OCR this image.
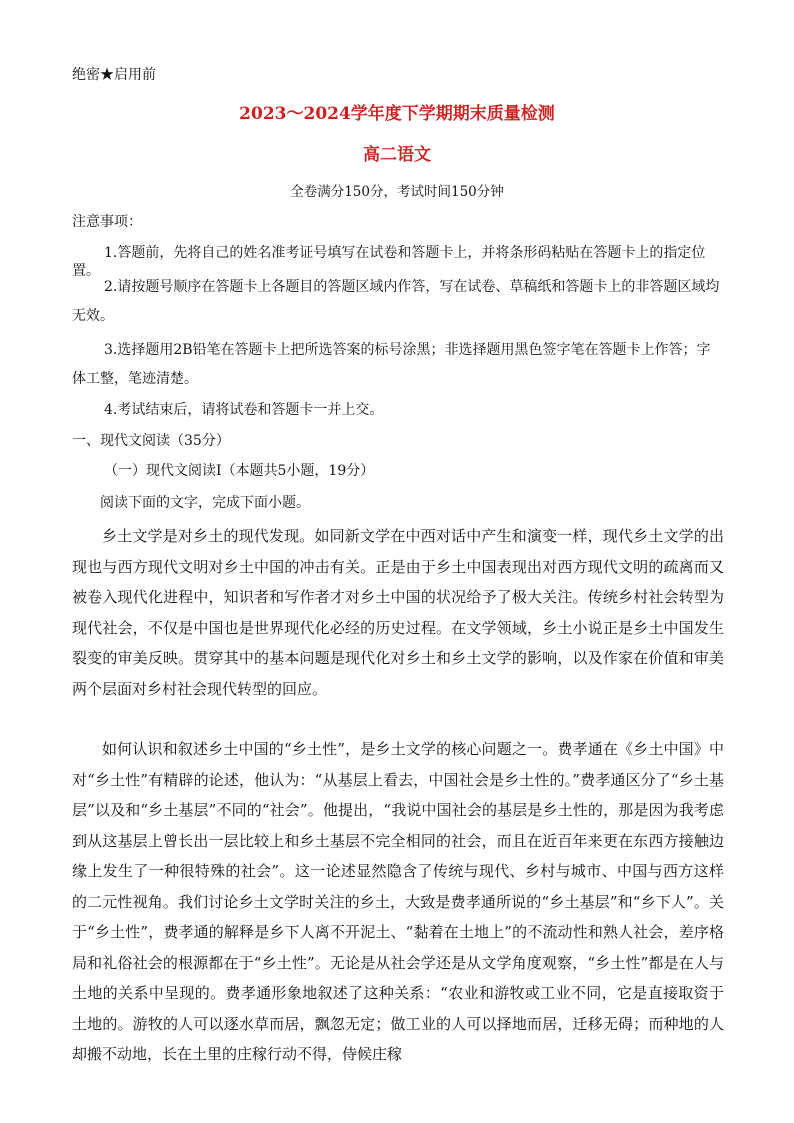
绝密★启用前
2023～2024学年度下学期期末质量检测
高二语文
全卷满分150分，考试时间150分钟
注意事项：
1.答题前，先将自己的姓名准考证号填写在试卷和答题卡上，并将条形码粘贴在答题卡上的指定位置。
2.请按题号顺序在答题卡上各题目的答题区域内作答，写在试卷、草稿纸和答题卡上的非答题区域均无效。
3.选择题用2B铅笔在答题卡上把所选答案的标号涂黑；非选择题用黑色签字笔在答题卡上作答；字体工整，笔迹清楚。
4.考试结束后，请将试卷和答题卡一并上交。
一、现代文阅读（35分）
（一）现代文阅读Ⅰ（本题共5小题，19分）
阅读下面的文字，完成下面小题。
乡土文学是对乡土的现代发现。如同新文学在中西对话中产生和演变一样，现代乡土文学的出现也与西方现代文明对乡土中国的冲击有关。正是由于乡土中国表现出对西方现代文明的疏离而又被卷入现代化进程中，知识者和写作者才对乡土中国的状况给予了极大关注。传统乡村社会转型为现代社会，不仅是中国也是世界现代化必经的历史过程。在文学领域，乡土小说正是乡土中国发生裂变的审美反映。贯穿其中的基本问题是现代化对乡土和乡土文学的影响，以及作家在价值和审美两个层面对乡村社会现代转型的回应。
如何认识和叙述乡土中国的“乡土性”，是乡土文学的核心问题之一。费孝通在《乡土中国》中对“乡土性”有精辟的论述，他认为：“从基层上看去，中国社会是乡土性的。”费孝通区分了“乡土基层”以及和“乡土基层”不同的“社会”。他提出，“我说中国社会的基层是乡土性的，那是因为我考虑到从这基层上曾长出一层比较上和乡土基层不完全相同的社会，而且在近百年来更在东西方接触边缘上发生了一种很特殊的社会”。这一论述显然隐含了传统与现代、乡村与城市、中国与西方这样的二元性视角。我们讨论乡土文学时关注的乡土，大致是费孝通所说的“乡土基层”和“乡下人”。关于“乡土性”，费孝通的解释是乡下人离不开泥土、“黏着在土地上”的不流动性和熟人社会，差序格局和礼俗社会的根源都在于“乡土性”。无论是从社会学还是从文学角度观察，“乡土性”都是在人与土地的关系中呈现的。费孝通形象地叙述了这种关系：“农业和游牧或工业不同，它是直接取资于土地的。游牧的人可以逐水草而居，飘忽无定；做工业的人可以择地而居，迁移无碍；而种地的人却搬不动地，长在土里的庄稼行动不得，侍候庄稼
